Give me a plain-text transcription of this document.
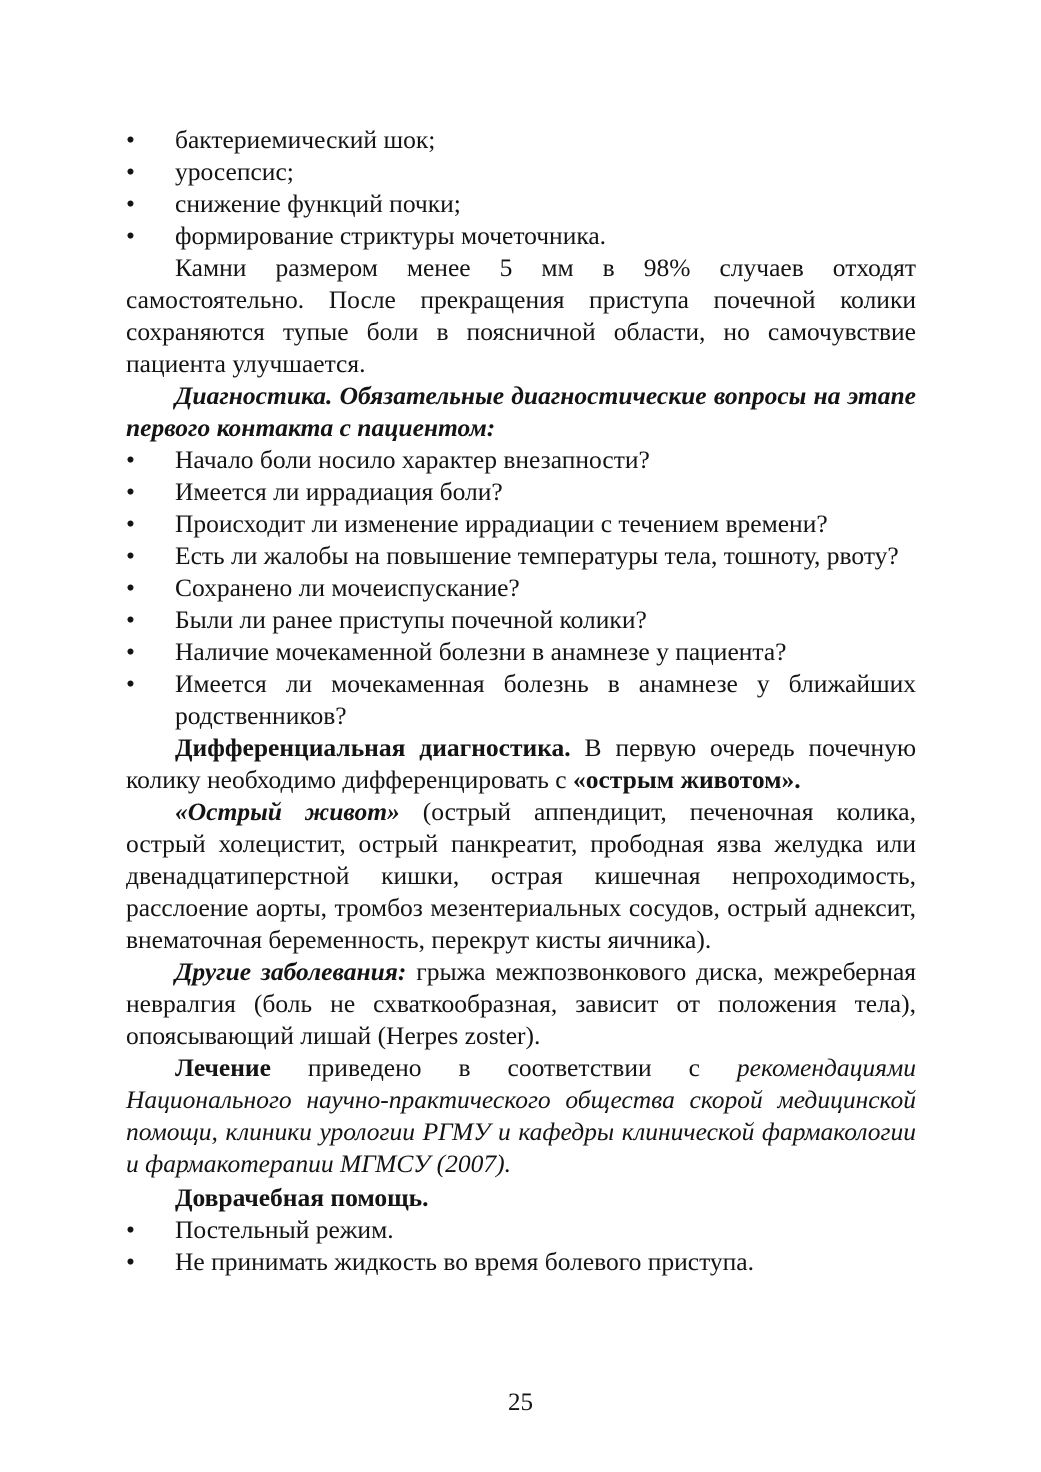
•	бактериемический шок;
•	уросепсис;
•	снижение функций почки;
•	формирование стриктуры мочеточника.

Камни размером менее 5 мм в 98% случаев отходят самостоятельно. После прекращения приступа почечной колики сохраняются тупые боли в поясничной области, но самочувствие пациента улучшается.

Диагностика. Обязательные диагностические вопросы на этапе первого контакта с пациентом:

•	Начало боли носило характер внезапности?
•	Имеется ли иррадиация боли?
•	Происходит ли изменение иррадиации с течением времени?
•	Есть ли жалобы на повышение температуры тела, тошноту, рвоту?
•	Сохранено ли мочеиспускание?
•	Были ли ранее приступы почечной колики?
•	Наличие мочекаменной болезни в анамнезе у пациента?
•	Имеется ли мочекаменная болезнь в анамнезе у ближайших родственников?

Дифференциальная диагностика. В первую очередь почечную колику необходимо дифференцировать с «острым животом».

«Острый живот» (острый аппендицит, печеночная колика, острый холецистит, острый панкреатит, прободная язва желудка или двенадцатиперстной кишки, острая кишечная непроходимость, расслоение аорты, тромбоз мезентериальных сосудов, острый аднексит, внематочная беременность, перекрут кисты яичника).

Другие заболевания: грыжа межпозвонкового диска, межреберная невралгия (боль не схваткообразная, зависит от положения тела), опоясывающий лишай (Herpes zoster).

Лечение приведено в соответствии с рекомендациями Национального научно-практического общества скорой медицинской помощи, клиники урологии РГМУ и кафедры клинической фармакологии и фармакотерапии МГМСУ (2007).

Доврачебная помощь.

•	Постельный режим.
•	Не принимать жидкость во время болевого приступа.
25
